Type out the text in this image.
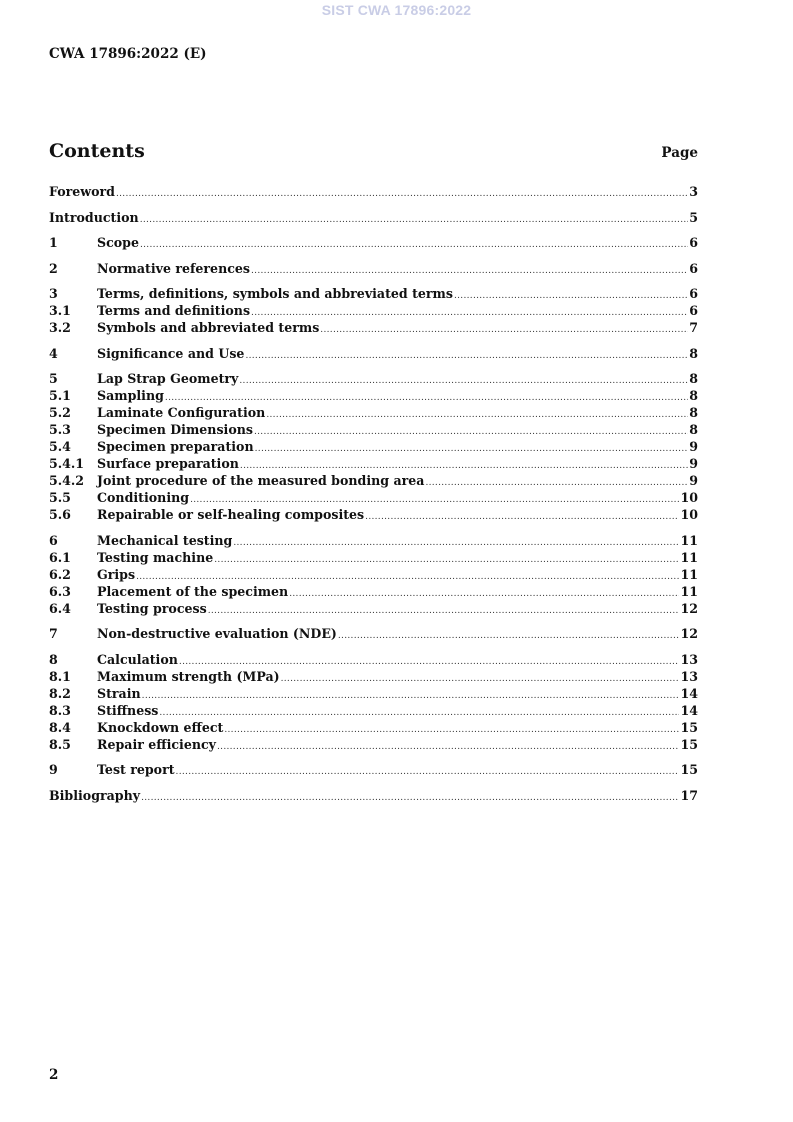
SIST CWA 17896:2022
CWA 17896:2022 (E)
Contents	Page
Foreword .....	3
Introduction .....	5
1	Scope .....	6
2	Normative references .....	6
3	Terms, definitions, symbols and abbreviated terms .....	6
3.1	Terms and definitions .....	6
3.2	Symbols and abbreviated terms .....	7
4	Significance and Use .....	8
5	Lap Strap Geometry .....	8
5.1	Sampling .....	8
5.2	Laminate Configuration .....	8
5.3	Specimen Dimensions .....	8
5.4	Specimen preparation .....	9
5.4.1	Surface preparation .....	9
5.4.2	Joint procedure of the measured bonding area .....	9
5.5	Conditioning .....	10
5.6	Repairable or self-healing composites .....	10
6	Mechanical testing .....	11
6.1	Testing machine .....	11
6.2	Grips .....	11
6.3	Placement of the specimen .....	11
6.4	Testing process .....	12
7	Non-destructive evaluation (NDE) .....	12
8	Calculation .....	13
8.1	Maximum strength (MPa) .....	13
8.2	Strain .....	14
8.3	Stiffness .....	14
8.4	Knockdown effect .....	15
8.5	Repair efficiency .....	15
9	Test report .....	15
Bibliography .....	17
2
